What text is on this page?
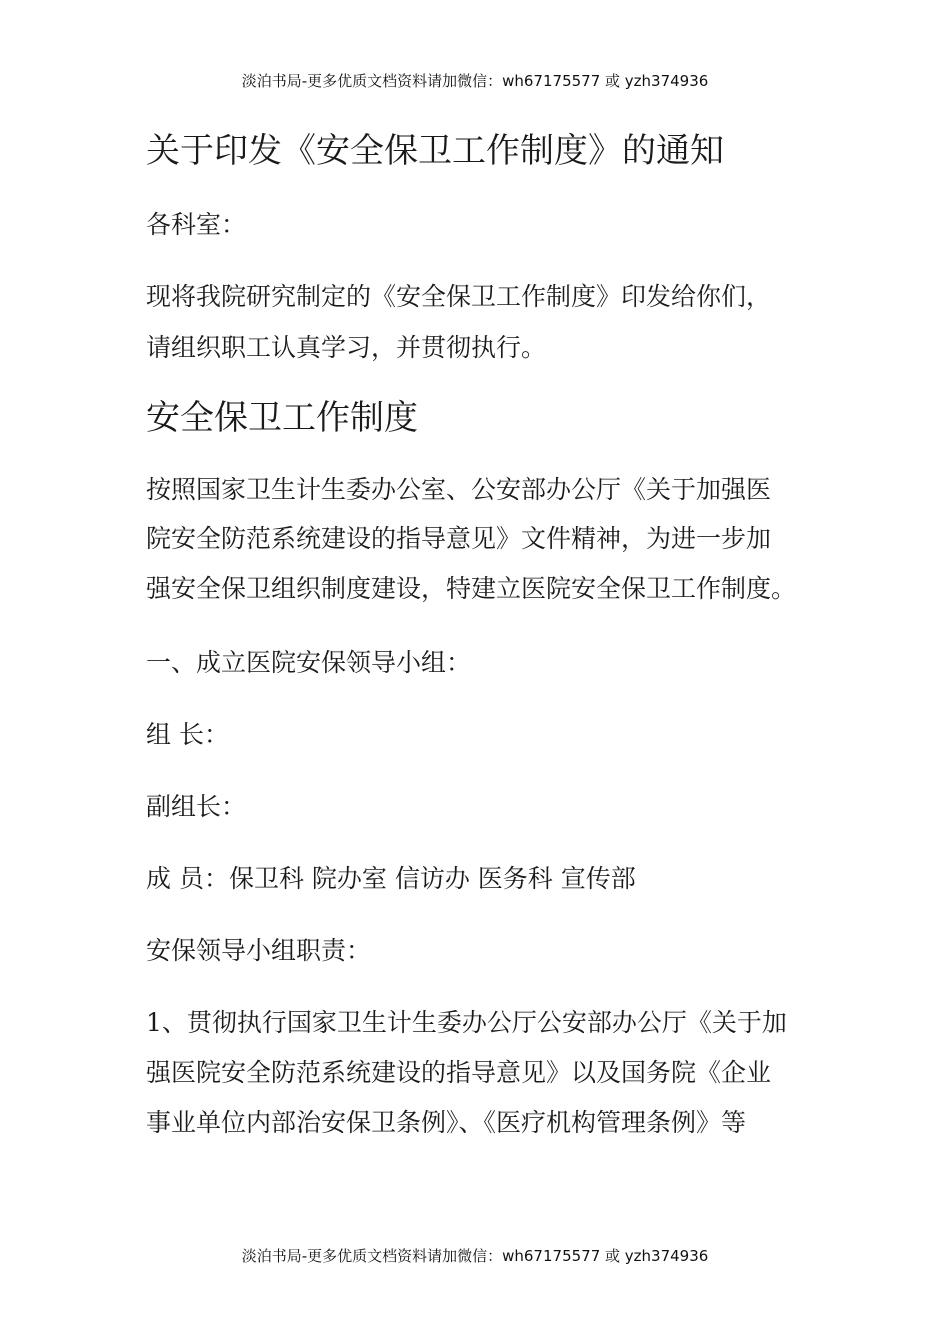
淡泊书局-更多优质文档资料请加微信：wh67175577 或 yzh374936
关于印发《安全保卫工作制度》的通知
各科室：
现将我院研究制定的《安全保卫工作制度》印发给你们，
请组织职工认真学习，并贯彻执行。
安全保卫工作制度
按照国家卫生计生委办公室、公安部办公厅《关于加强医
院安全防范系统建设的指导意见》文件精神，为进一步加
强安全保卫组织制度建设，特建立医院安全保卫工作制度。
一、成立医院安保领导小组：
组 长：
副组长：
成 员：保卫科 院办室 信访办 医务科 宣传部
安保领导小组职责：
1、贯彻执行国家卫生计生委办公厅公安部办公厅《关于加
强医院安全防范系统建设的指导意见》以及国务院《企业
事业单位内部治安保卫条例》、《医疗机构管理条例》等
淡泊书局-更多优质文档资料请加微信：wh67175577 或 yzh374936
